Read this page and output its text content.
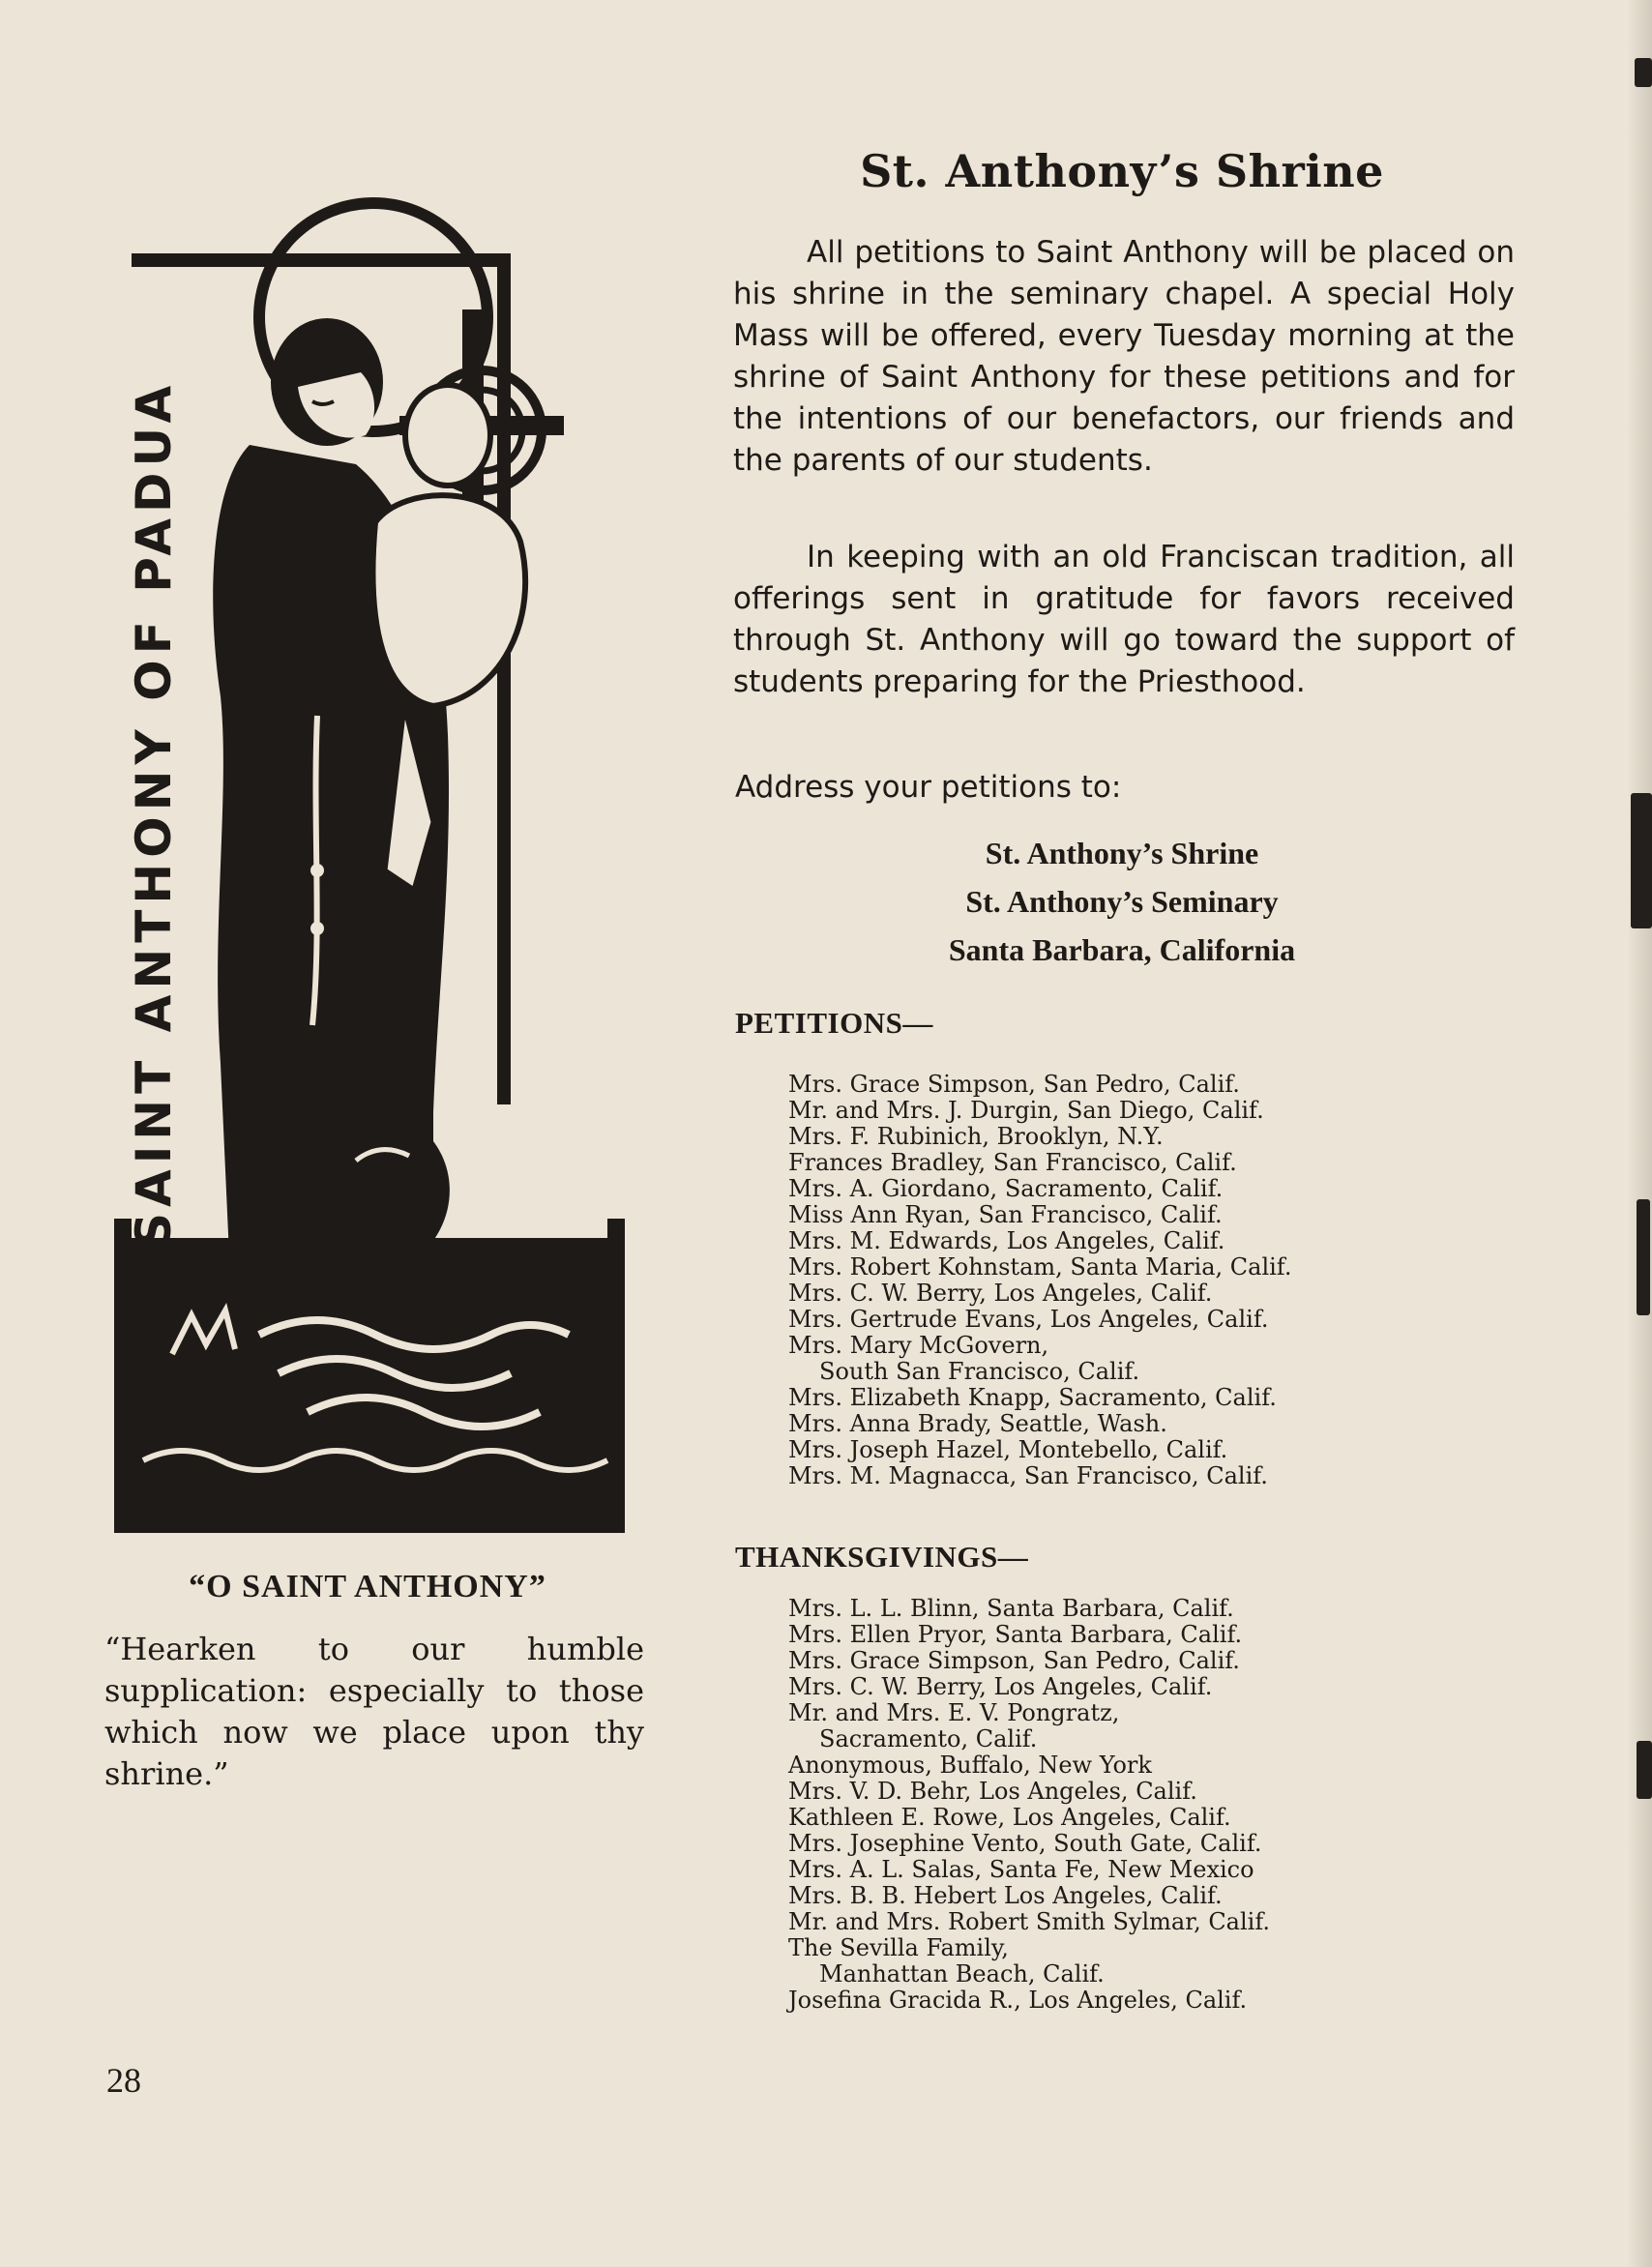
SAINT ANTHONY OF PADUA
“O SAINT ANTHONY”
“Hearken to our humble supplication: especially to those which now we place upon thy shrine.”
28
St. Anthony’s Shrine

All petitions to Saint Anthony will be placed on his shrine in the seminary chapel. A special Holy Mass will be offered, every Tuesday morning at the shrine of Saint Anthony for these petitions and for the intentions of our benefactors, our friends and the parents of our students.

In keeping with an old Franciscan tradition, all offerings sent in gratitude for favors received through St. Anthony will go toward the support of students preparing for the Priesthood.

Address your petitions to:
St. Anthony’s Shrine
St. Anthony’s Seminary
Santa Barbara, California
PETITIONS—
Mrs. Grace Simpson, San Pedro, Calif.
Mr. and Mrs. J. Durgin, San Diego, Calif.
Mrs. F. Rubinich, Brooklyn, N.Y.
Frances Bradley, San Francisco, Calif.
Mrs. A. Giordano, Sacramento, Calif.
Miss Ann Ryan, San Francisco, Calif.
Mrs. M. Edwards, Los Angeles, Calif.
Mrs. Robert Kohnstam, Santa Maria, Calif.
Mrs. C. W. Berry, Los Angeles, Calif.
Mrs. Gertrude Evans, Los Angeles, Calif.
Mrs. Mary McGovern,
South San Francisco, Calif.
Mrs. Elizabeth Knapp, Sacramento, Calif.
Mrs. Anna Brady, Seattle, Wash.
Mrs. Joseph Hazel, Montebello, Calif.
Mrs. M. Magnacca, San Francisco, Calif.
THANKSGIVINGS—
Mrs. L. L. Blinn, Santa Barbara, Calif.
Mrs. Ellen Pryor, Santa Barbara, Calif.
Mrs. Grace Simpson, San Pedro, Calif.
Mrs. C. W. Berry, Los Angeles, Calif.
Mr. and Mrs. E. V. Pongratz,
Sacramento, Calif.
Anonymous, Buffalo, New York
Mrs. V. D. Behr, Los Angeles, Calif.
Kathleen E. Rowe, Los Angeles, Calif.
Mrs. Josephine Vento, South Gate, Calif.
Mrs. A. L. Salas, Santa Fe, New Mexico
Mrs. B. B. Hebert Los Angeles, Calif.
Mr. and Mrs. Robert Smith Sylmar, Calif.
The Sevilla Family,
Manhattan Beach, Calif.
Josefina Gracida R., Los Angeles, Calif.
